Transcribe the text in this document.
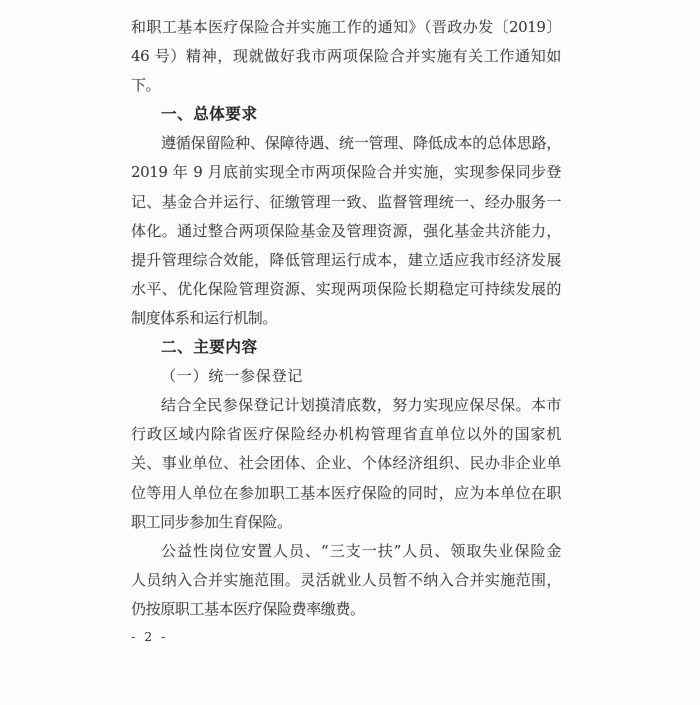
和职工基本医疗保险合并实施工作的通知》（晋政办发〔2019〕
46 号）精神，现就做好我市两项保险合并实施有关工作通知如
下。
一、总体要求
遵循保留险种、保障待遇、统一管理、降低成本的总体思路，
2019 年 9 月底前实现全市两项保险合并实施，实现参保同步登
记、基金合并运行、征缴管理一致、监督管理统一、经办服务一
体化。通过整合两项保险基金及管理资源，强化基金共济能力，
提升管理综合效能，降低管理运行成本，建立适应我市经济发展
水平、优化保险管理资源、实现两项保险长期稳定可持续发展的
制度体系和运行机制。
二、主要内容
（一）统一参保登记
结合全民参保登记计划摸清底数，努力实现应保尽保。本市
行政区域内除省医疗保险经办机构管理省直单位以外的国家机
关、事业单位、社会团体、企业、个体经济组织、民办非企业单
位等用人单位在参加职工基本医疗保险的同时，应为本单位在职
职工同步参加生育保险。
公益性岗位安置人员、“三支一扶”人员、领取失业保险金
人员纳入合并实施范围。灵活就业人员暂不纳入合并实施范围，
仍按原职工基本医疗保险费率缴费。
- 2 -
